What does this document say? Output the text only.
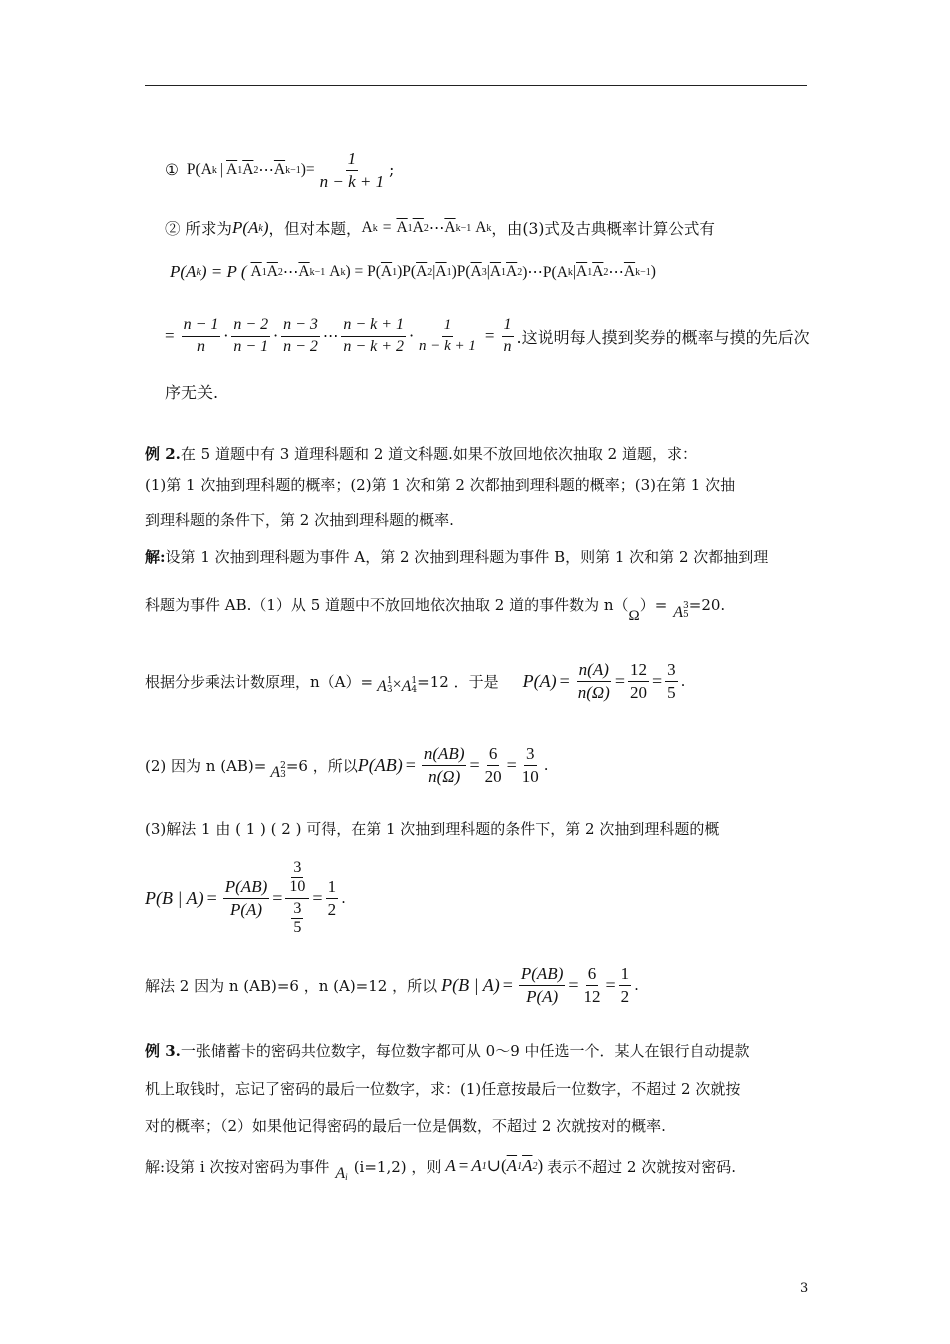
① P(A k | $\overline{A}$ 1 $\overline{A}$ 2 ⋯ $\overline{A}$ k−1 )= $\frac{1}{n - k + 1}$ ;
② 所求为 P(A k ) ，但对本题， A $k = \overline{A}$ 1 $\overline{A}$ 2 ⋯ $\overline{A}$ k−1 A k ，由(3)式及古典概率计算公式有
P(A k ) = P ( $\overline{A}$ 1 $\overline{A}$ 2 ⋯ $\overline{A}$ k−1 A k ) = P( $\overline{A}$ 1 )P( $\overline{A}$ 2 | $\overline{A}$ 1 )P( $\overline{A}$ 3 | $\overline{A}$ 1 $\overline{A}$ 2 )⋯P(A k | $\overline{A}$ 1 $\overline{A}$ 2 ⋯ $\overline{A}$ k−1 )
= $\frac{n - 1}{n} \cdot \frac{n - 2}{n - 1} \cdot \frac{n - 3}{n - 2}$ ⋯ $\frac{n - k + 1}{n - k + 2} \cdot \frac{1}{n - k + 1} = \frac{1}{n}$ .这说明每人摸到奖券的概率与摸的先后次
序无关.
例 2.在 5 道题中有 3 道理科题和 2 道文科题.如果不放回地依次抽取 2 道题，求：
(1)第 1 次抽到理科题的概率；(2)第 1 次和第 2 次都抽到理科题的概率；(3)在第 1 次抽
到理科题的条件下，第 2 次抽到理科题的概率.
解:设第 1 次抽到理科题为事件 A，第 2 次抽到理科题为事件 B，则第 1 次和第 2 次都抽到理
科题为事件 AB.（1）从 5 道题中不放回地依次抽取 2 道的事件数为 n（
Ω
）= A 3
5
=20.
根据分步乘法计数原理，n（A）= A 1
3 × A 1
4 =12 ．于是 $P(A) = \frac{n(A)}{n(\Omega)} = \frac{12}{20} = \frac{3}{5}$ .
(2) 因为 n (AB)= A 2
3
=6 ，所以 $P(AB) = \frac{n(AB)}{n(\Omega)} = \frac{6}{20} = \frac{3}{10}$ .
(3)解法 1 由 ( 1 ) ( 2 ) 可得，在第 1 次抽到理科题的条件下，第 2 次抽到理科题的概
P(B | $A) = \frac{P(AB)}{P(A)} = 3$
10
3
$5 = \frac{1}{2}$ .
解法 2 因为 n (AB)=6 ，n (A)=12 ，所以 P(B | $A) = \frac{P(AB)}{P(A)} = \frac{6}{12} = \frac{1}{2}$ .
例 3.一张储蓄卡的密码共位数字，每位数字都可从 0～9 中任选一个．某人在银行自动提款
机上取钱时，忘记了密码的最后一位数字，求：(1)任意按最后一位数字，不超过 2 次就按
对的概率；（2）如果他记得密码的最后一位是偶数，不超过 2 次就按对的概率.
解:设第 i 次按对密码为事件 A i
(i=1,2) ，则 A = A 1 ∪( $\overline{A}$ 1 $\overline{A}$ 2 ) 表示不超过 2 次就按对密码.
3
